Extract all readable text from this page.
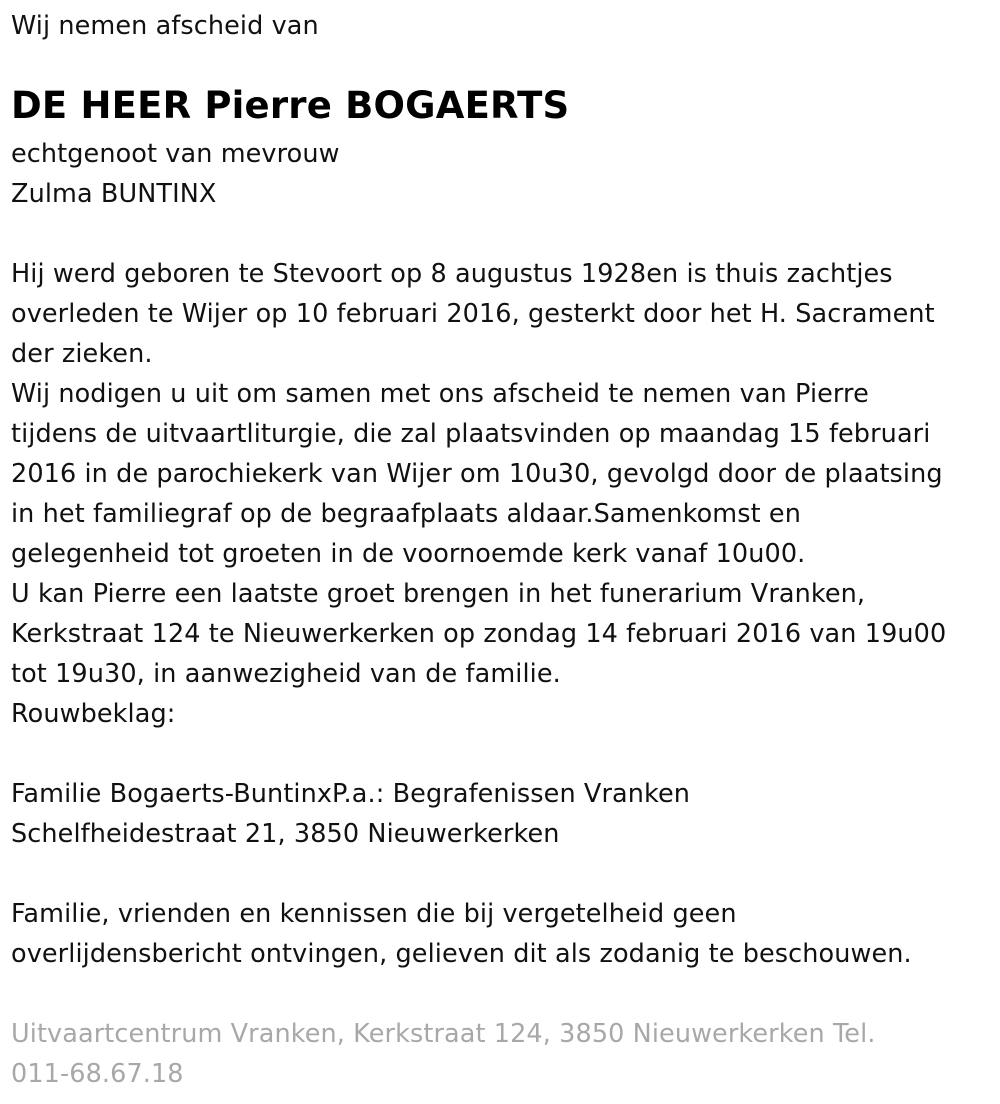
Wij nemen afscheid van
DE HEER Pierre BOGAERTS
echtgenoot van mevrouw
Zulma BUNTINX
Hij werd geboren te Stevoort op 8 augustus 1928en is thuis zachtjes
overleden te Wijer op 10 februari 2016, gesterkt door het H. Sacrament
der zieken.
Wij nodigen u uit om samen met ons afscheid te nemen van Pierre
tijdens de uitvaartliturgie, die zal plaatsvinden op maandag 15 februari
2016 in de parochiekerk van Wijer om 10u30, gevolgd door de plaatsing
in het familiegraf op de begraafplaats aldaar.Samenkomst en
gelegenheid tot groeten in de voornoemde kerk vanaf 10u00.
U kan Pierre een laatste groet brengen in het funerarium Vranken,
Kerkstraat 124 te Nieuwerkerken op zondag 14 februari 2016 van 19u00
tot 19u30, in aanwezigheid van de familie.
Rouwbeklag:
Familie Bogaerts-BuntinxP.a.: Begrafenissen Vranken
Schelfheidestraat 21, 3850 Nieuwerkerken
Familie, vrienden en kennissen die bij vergetelheid geen
overlijdensbericht ontvingen, gelieven dit als zodanig te beschouwen.
Uitvaartcentrum Vranken, Kerkstraat 124, 3850 Nieuwerkerken Tel.
011-68.67.18
